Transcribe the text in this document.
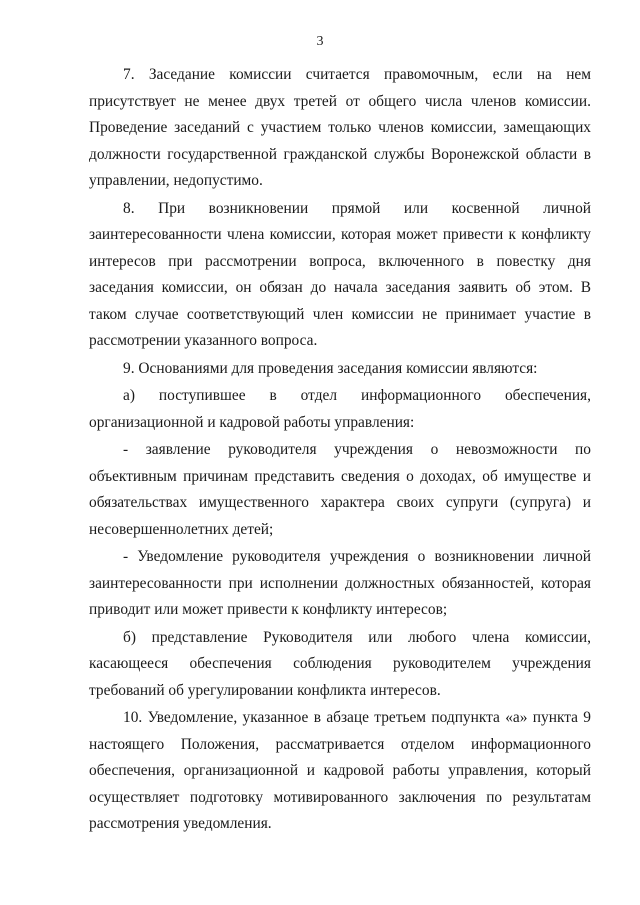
3

7. Заседание комиссии считается правомочным, если на нем присутствует не менее двух третей от общего числа членов комиссии. Проведение заседаний с участием только членов комиссии, замещающих должности государственной гражданской службы Воронежской области в управлении, недопустимо.

8. При возникновении прямой или косвенной личной заинтересованности члена комиссии, которая может привести к конфликту интересов при рассмотрении вопроса, включенного в повестку дня заседания комиссии, он обязан до начала заседания заявить об этом. В таком случае соответствующий член комиссии не принимает участие в рассмотрении указанного вопроса.

9. Основаниями для проведения заседания комиссии являются:

а) поступившее в отдел информационного обеспечения, организационной и кадровой работы управления:

- заявление руководителя учреждения о невозможности по объективным причинам представить сведения о доходах, об имуществе и обязательствах имущественного характера своих супруги (супруга) и несовершеннолетних детей;

- Уведомление руководителя учреждения о возникновении личной заинтересованности при исполнении должностных обязанностей, которая приводит или может привести к конфликту интересов;

б) представление Руководителя или любого члена комиссии, касающееся обеспечения соблюдения руководителем учреждения требований об урегулировании конфликта интересов.

10. Уведомление, указанное в абзаце третьем подпункта «а» пункта 9 настоящего Положения, рассматривается отделом информационного обеспечения, организационной и кадровой работы управления, который осуществляет подготовку мотивированного заключения по результатам рассмотрения уведомления.
